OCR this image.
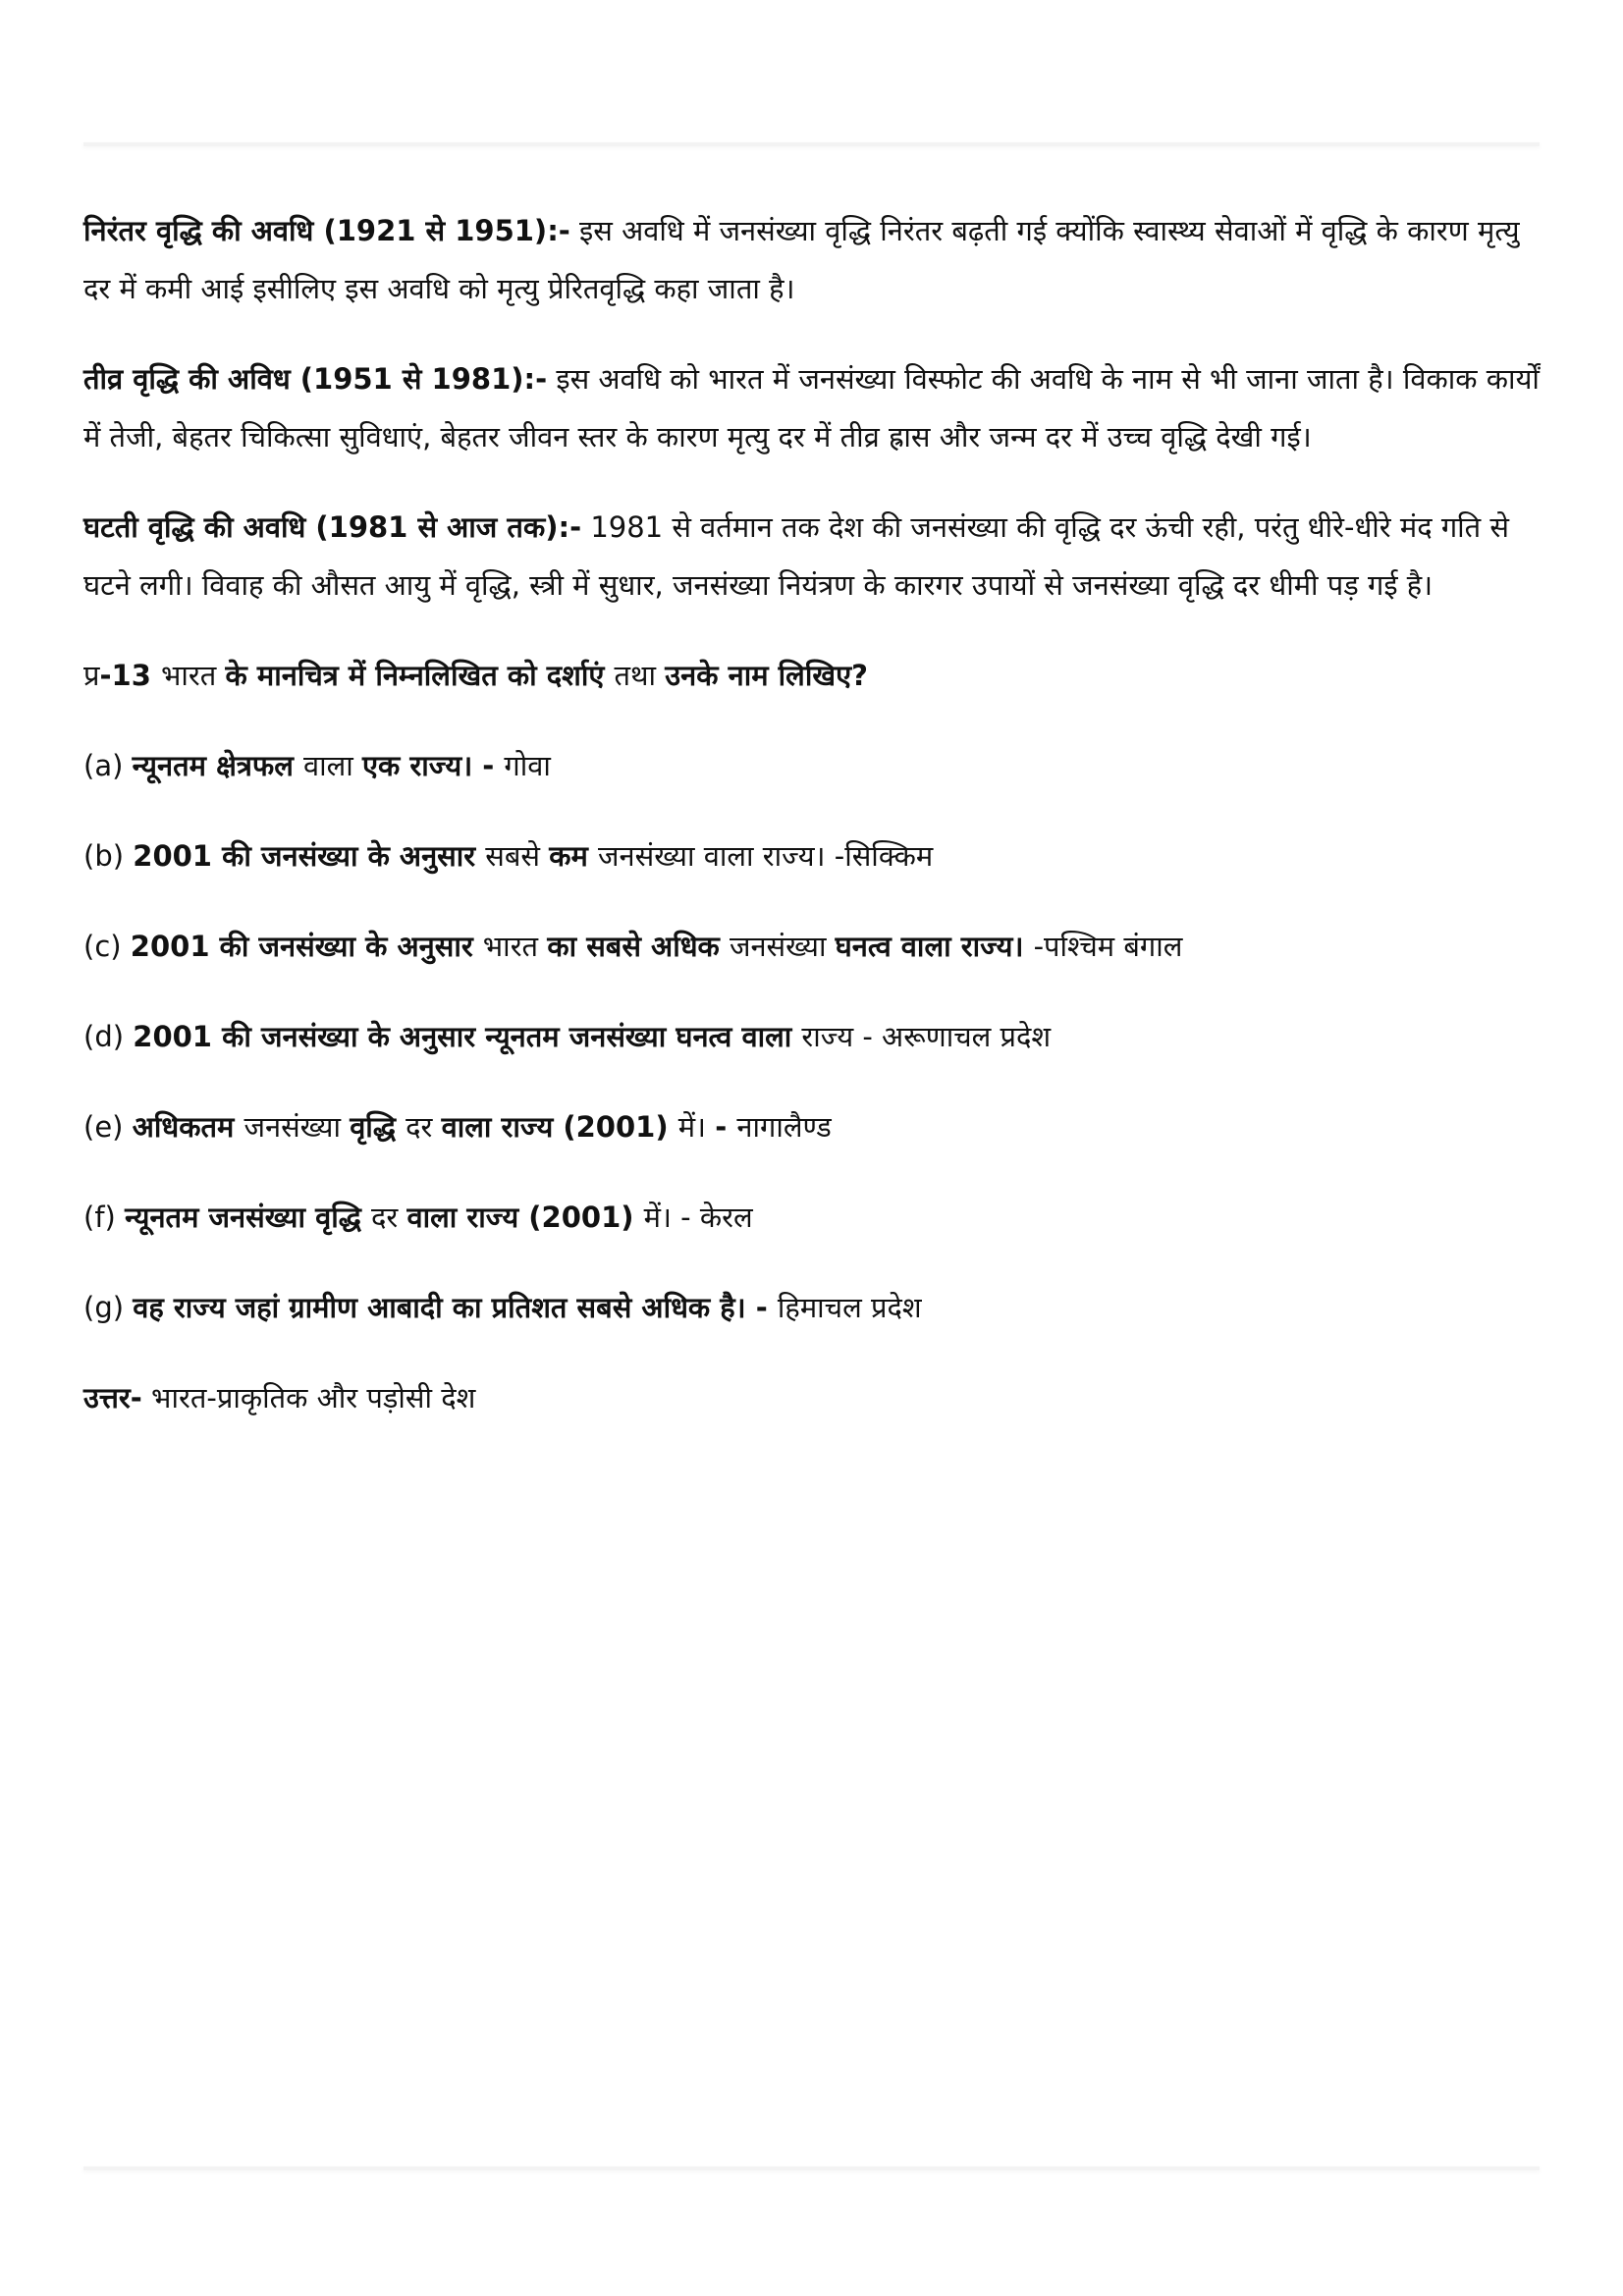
निरंतर वृद्धि की अवधि (1921 से 1951):- इस अवधि में जनसंख्या वृद्धि निरंतर बढ़ती गई क्योंकि स्वास्थ्य सेवाओं में वृद्धि के कारण मृत्यु दर में कमी आई इसीलिए इस अवधि को मृत्यु प्रेरितवृद्धि कहा जाता है।

तीव्र वृद्धि की अविध (1951 से 1981):- इस अवधि को भारत में जनसंख्या विस्फोट की अवधि के नाम से भी जाना जाता है। विकाक कार्यों में तेजी, बेहतर चिकित्सा सुविधाएं, बेहतर जीवन स्तर के कारण मृत्यु दर में तीव्र ह्रास और जन्म दर में उच्च वृद्धि देखी गई।

घटती वृद्धि की अवधि (1981 से आज तक):- 1981 से वर्तमान तक देश की जनसंख्या की वृद्धि दर ऊंची रही, परंतु धीरे-धीरे मंद गति से घटने लगी। विवाह की औसत आयु में वृद्धि, स्त्री में सुधार, जनसंख्या नियंत्रण के कारगर उपायों से जनसंख्या वृद्धि दर धीमी पड़ गई है।

प्र-13 भारत के मानचित्र में निम्नलिखित को दर्शाएं तथा उनके नाम लिखिए?

(a) न्यूनतम क्षेत्रफल वाला एक राज्य। - गोवा

(b) 2001 की जनसंख्या के अनुसार सबसे कम जनसंख्या वाला राज्य। -सिक्किम

(c) 2001 की जनसंख्या के अनुसार भारत का सबसे अधिक जनसंख्या घनत्व वाला राज्य। -पश्चिम बंगाल

(d) 2001 की जनसंख्या के अनुसार न्यूनतम जनसंख्या घनत्व वाला राज्य - अरूणाचल प्रदेश

(e) अधिकतम जनसंख्या वृद्धि दर वाला राज्य (2001) में। - नागालैण्ड

(f) न्यूनतम जनसंख्या वृद्धि दर वाला राज्य (2001) में। - केरल

(g) वह राज्य जहां ग्रामीण आबादी का प्रतिशत सबसे अधिक है। - हिमाचल प्रदेश

उत्तर- भारत-प्राकृतिक और पड़ोसी देश
